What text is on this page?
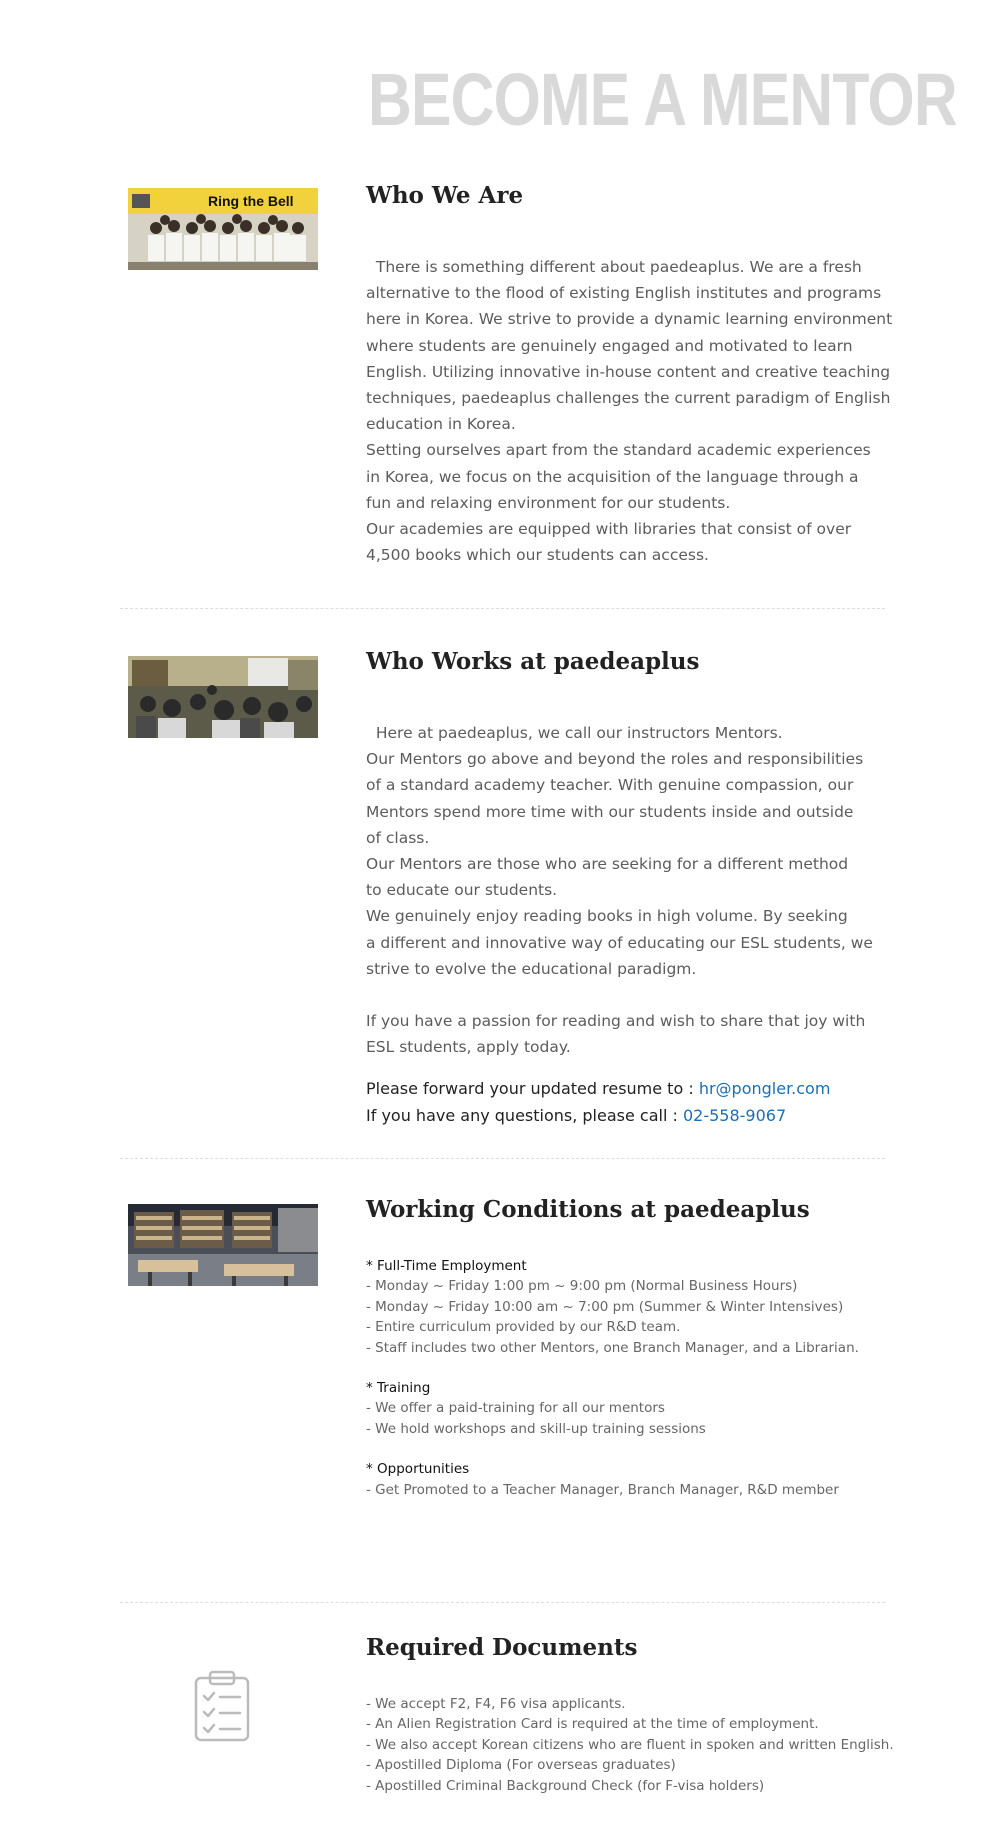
BECOME A MENTOR
Ring the Bell	Who We Are

There is something different about paedeaplus. We are a fresh

alternative to the flood of existing English institutes and programs

here in Korea. We strive to provide a dynamic learning environment

where students are genuinely engaged and motivated to learn

English. Utilizing innovative in-house content and creative teaching

techniques, paedeaplus challenges the current paradigm of English

education in Korea.

Setting ourselves apart from the standard academic experiences

in Korea, we focus on the acquisition of the language through a

fun and relaxing environment for our students.

Our academies are equipped with libraries that consist of over

4,500 books which our students can access.

Who Works at paedeaplus

Here at paedeaplus, we call our instructors Mentors.

Our Mentors go above and beyond the roles and responsibilities

of a standard academy teacher. With genuine compassion, our

Mentors spend more time with our students inside and outside

of class.

Our Mentors are those who are seeking for a different method

to educate our students.

We genuinely enjoy reading books in high volume. By seeking

a different and innovative way of educating our ESL students, we

strive to evolve the educational paradigm.

If you have a passion for reading and wish to share that joy with

ESL students, apply today.

Please forward your updated resume to : hr@pongler.com
If you have any questions, please call : 02-558-9067
Working Conditions at paedeaplus
* Full-Time Employment
- Monday ~ Friday 1:00 pm ~ 9:00 pm (Normal Business Hours)
- Monday ~ Friday 10:00 am ~ 7:00 pm (Summer & Winter Intensives)
- Entire curriculum provided by our R&D team.
- Staff includes two other Mentors, one Branch Manager, and a Librarian.
* Training
- We offer a paid-training for all our mentors
- We hold workshops and skill-up training sessions
* Opportunities
- Get Promoted to a Teacher Manager, Branch Manager, R&D member
Required Documents
- We accept F2, F4, F6 visa applicants.
- An Alien Registration Card is required at the time of employment.
- We also accept Korean citizens who are fluent in spoken and written English.
- Apostilled Diploma (For overseas graduates)
- Apostilled Criminal Background Check (for F-visa holders)
